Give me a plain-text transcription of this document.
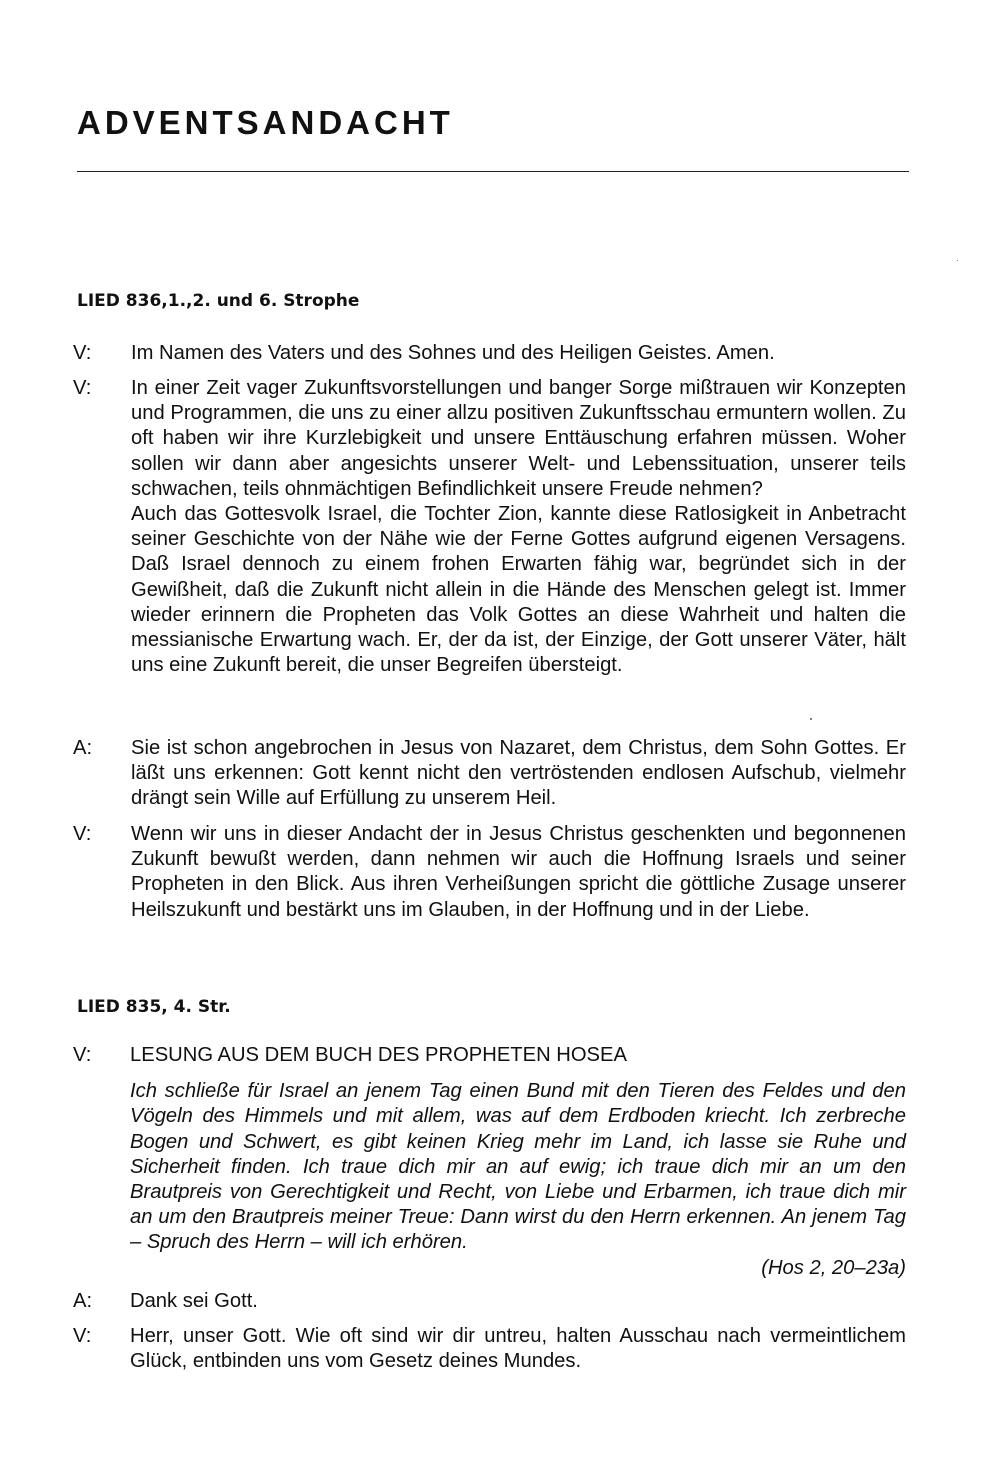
ADVENTSANDACHT
LIED 836,1.,2. und 6. Strophe
V: Im Namen des Vaters und des Sohnes und des Heiligen Geistes. Amen.

V: In einer Zeit vager Zukunftsvorstellungen und banger Sorge mißtrauen wir Konzepten und Programmen, die uns zu einer allzu positiven Zukunftsschau ermuntern wollen. Zu oft haben wir ihre Kurzlebigkeit und unsere Enttäuschung erfahren müssen. Woher sollen wir dann aber angesichts unserer Welt- und Lebenssituation, unserer teils schwachen, teils ohnmächtigen Befindlichkeit unsere Freude nehmen?

Auch das Gottesvolk Israel, die Tochter Zion, kannte diese Ratlosigkeit in Anbetracht seiner Geschichte von der Nähe wie der Ferne Gottes aufgrund eigenen Versagens. Daß Israel dennoch zu einem frohen Erwarten fähig war, begründet sich in der Gewißheit, daß die Zukunft nicht allein in die Hände des Menschen gelegt ist. Immer wieder erinnern die Propheten das Volk Gottes an diese Wahrheit und halten die messianische Erwartung wach. Er, der da ist, der Einzige, der Gott unserer Väter, hält uns eine Zukunft bereit, die unser Begreifen übersteigt.

A: Sie ist schon angebrochen in Jesus von Nazaret, dem Christus, dem Sohn Gottes. Er läßt uns erkennen: Gott kennt nicht den vertröstenden endlosen Aufschub, vielmehr drängt sein Wille auf Erfüllung zu unserem Heil.

V: Wenn wir uns in dieser Andacht der in Jesus Christus geschenkten und begonnenen Zukunft bewußt werden, dann nehmen wir auch die Hoffnung Israels und seiner Propheten in den Blick. Aus ihren Verheißungen spricht die göttliche Zusage unserer Heilszukunft und bestärkt uns im Glauben, in der Hoffnung und in der Liebe.

LIED 835, 4. Str.
V: LESUNG AUS DEM BUCH DES PROPHETEN HOSEA
Ich schließe für Israel an jenem Tag einen Bund mit den Tieren des Feldes und den Vögeln des Himmels und mit allem, was auf dem Erdboden kriecht. Ich zerbreche Bogen und Schwert, es gibt keinen Krieg mehr im Land, ich lasse sie Ruhe und Sicherheit finden. Ich traue dich mir an auf ewig; ich traue dich mir an um den Brautpreis von Gerechtigkeit und Recht, von Liebe und Erbarmen, ich traue dich mir an um den Brautpreis meiner Treue: Dann wirst du den Herrn erkennen. An jenem Tag – Spruch des Herrn – will ich erhören.
(Hos 2, 20–23a)
A: Dank sei Gott.

V: Herr, unser Gott. Wie oft sind wir dir untreu, halten Ausschau nach vermeintlichem Glück, entbinden uns vom Gesetz deines Mundes.
